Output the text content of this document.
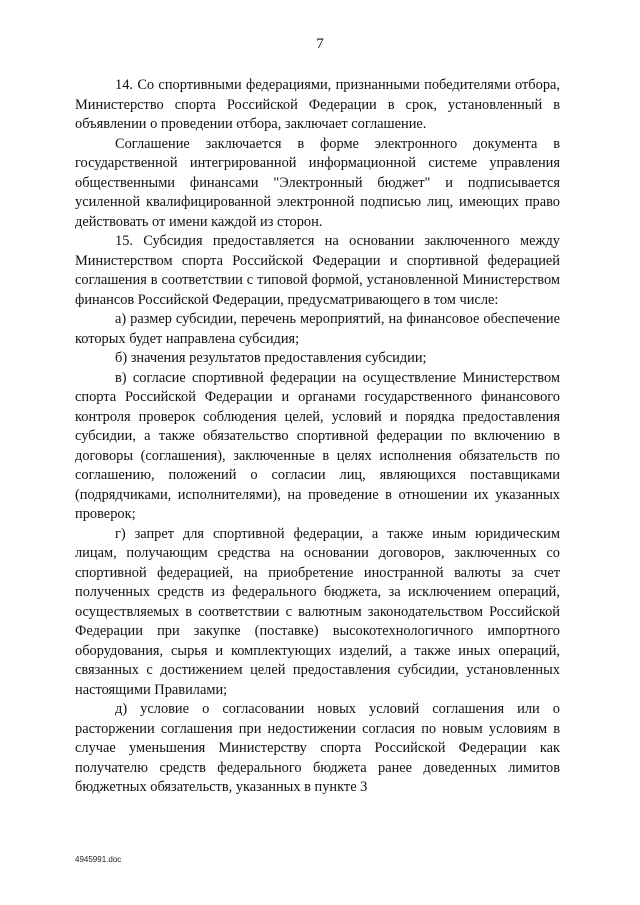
7

14. Со спортивными федерациями, признанными победителями отбора, Министерство спорта Российской Федерации в срок, установленный в объявлении о проведении отбора, заключает соглашение.

Соглашение заключается в форме электронного документа в государственной интегрированной информационной системе управления общественными финансами "Электронный бюджет" и подписывается усиленной квалифицированной электронной подписью лиц, имеющих право действовать от имени каждой из сторон.

15. Субсидия предоставляется на основании заключенного между Министерством спорта Российской Федерации и спортивной федерацией соглашения в соответствии с типовой формой, установленной Министерством финансов Российской Федерации, предусматривающего в том числе:

а) размер субсидии, перечень мероприятий, на финансовое обеспечение которых будет направлена субсидия;

б) значения результатов предоставления субсидии;

в) согласие спортивной федерации на осуществление Министерством спорта Российской Федерации и органами государственного финансового контроля проверок соблюдения целей, условий и порядка предоставления субсидии, а также обязательство спортивной федерации по включению в договоры (соглашения), заключенные в целях исполнения обязательств по соглашению, положений о согласии лиц, являющихся поставщиками (подрядчиками, исполнителями), на проведение в отношении их указанных проверок;

г) запрет для спортивной федерации, а также иным юридическим лицам, получающим средства на основании договоров, заключенных со спортивной федерацией, на приобретение иностранной валюты за счет полученных средств из федерального бюджета, за исключением операций, осуществляемых в соответствии с валютным законодательством Российской Федерации при закупке (поставке) высокотехнологичного импортного оборудования, сырья и комплектующих изделий, а также иных операций, связанных с достижением целей предоставления субсидии, установленных настоящими Правилами;

д) условие о согласовании новых условий соглашения или о расторжении соглашения при недостижении согласия по новым условиям в случае уменьшения Министерству спорта Российской Федерации как получателю средств федерального бюджета ранее доведенных лимитов бюджетных обязательств, указанных в пункте 3

4945991.doc
